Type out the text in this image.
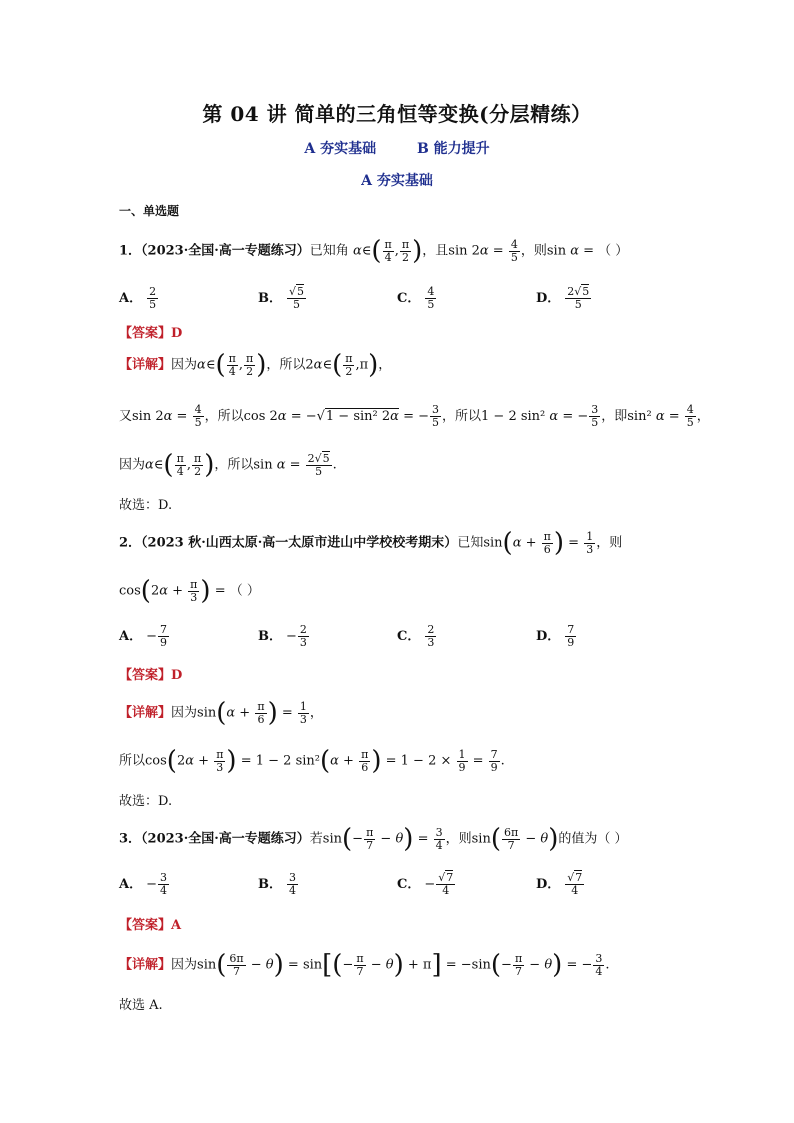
第 04 讲 简单的三角恒等变换(分层精练）
A 夯实基础	B 能力提升
A 夯实基础
一、单选题
1．（2023·全国·高一专题练习）已知角 α∈( $\frac{\pi}{4}$ , $\frac{\pi}{2}$ )，且$\sin 2\alpha = \frac{4}{5}$ ，则sin α = （ ）
A． $\frac{2}{5}$	B． $\frac{√5}{5}$	C． $\frac{4}{5}$	D． $\frac{2√5}{5}$
【答案】D
【详解】因为α∈( $\frac{\pi}{4}$ , $\frac{\pi}{2}$ )，所以2α∈( $\frac{\pi}{2} ,\pi$)，
又$\sin 2\alpha = \frac{4}{5}$ ，所以cos 2α = −√1 − sin² 2α = − $\frac{3}{5}$ ，所以1 − 2 sin² α = − $\frac{3}{5}$ ，即sin² $\alpha = \frac{4}{5}$ ，
因为α∈( $\frac{\pi}{4}$ , $\frac{\pi}{2}$ )，所以$\sin \alpha = \frac{2√5}{5}$ .
故选：D.
2．（2023 秋·山西太原·高一太原市进山中学校校考期末）已知$\sin(\alpha + \frac{\pi}{6}$ ) = $\frac{1}{3}$ ，则
$\cos(2\alpha + \frac{\pi}{3}$ ) = （ ）
A． − $\frac{7}{9}$	B． − $\frac{2}{3}$	C． $\frac{2}{3}$	D． $\frac{7}{9}$
【答案】D
【详解】因为$\sin(\alpha + \frac{\pi}{6}$ ) = $\frac{1}{3}$ ，
所以$\cos(2\alpha + \frac{\pi}{3}$ ) = 1 − 2 $\sin^2(\alpha + \frac{\pi}{6}$ ) = $1 - 2 \times \frac{1}{9} = \frac{7}{9}$ .
故选：D.
3．（2023·全国·高一专题练习）若$\sin(- \frac{\pi}{7} - \theta) = \frac{3}{4}$ ，则$\sin( \frac{6\pi}{7} - \theta)$的值为（ ）
A． − $\frac{3}{4}$	B． $\frac{3}{4}$	C． − $\frac{√7}{4}$	D． $\frac{√7}{4}$
【答案】A
【详解】因为$\sin( \frac{6\pi}{7} - \theta) = \sin[(- \frac{\pi}{7} - \theta) + \pi] = -\sin(- \frac{\pi}{7} - \theta)$ = − $\frac{3}{4}$ .
故选 A.
